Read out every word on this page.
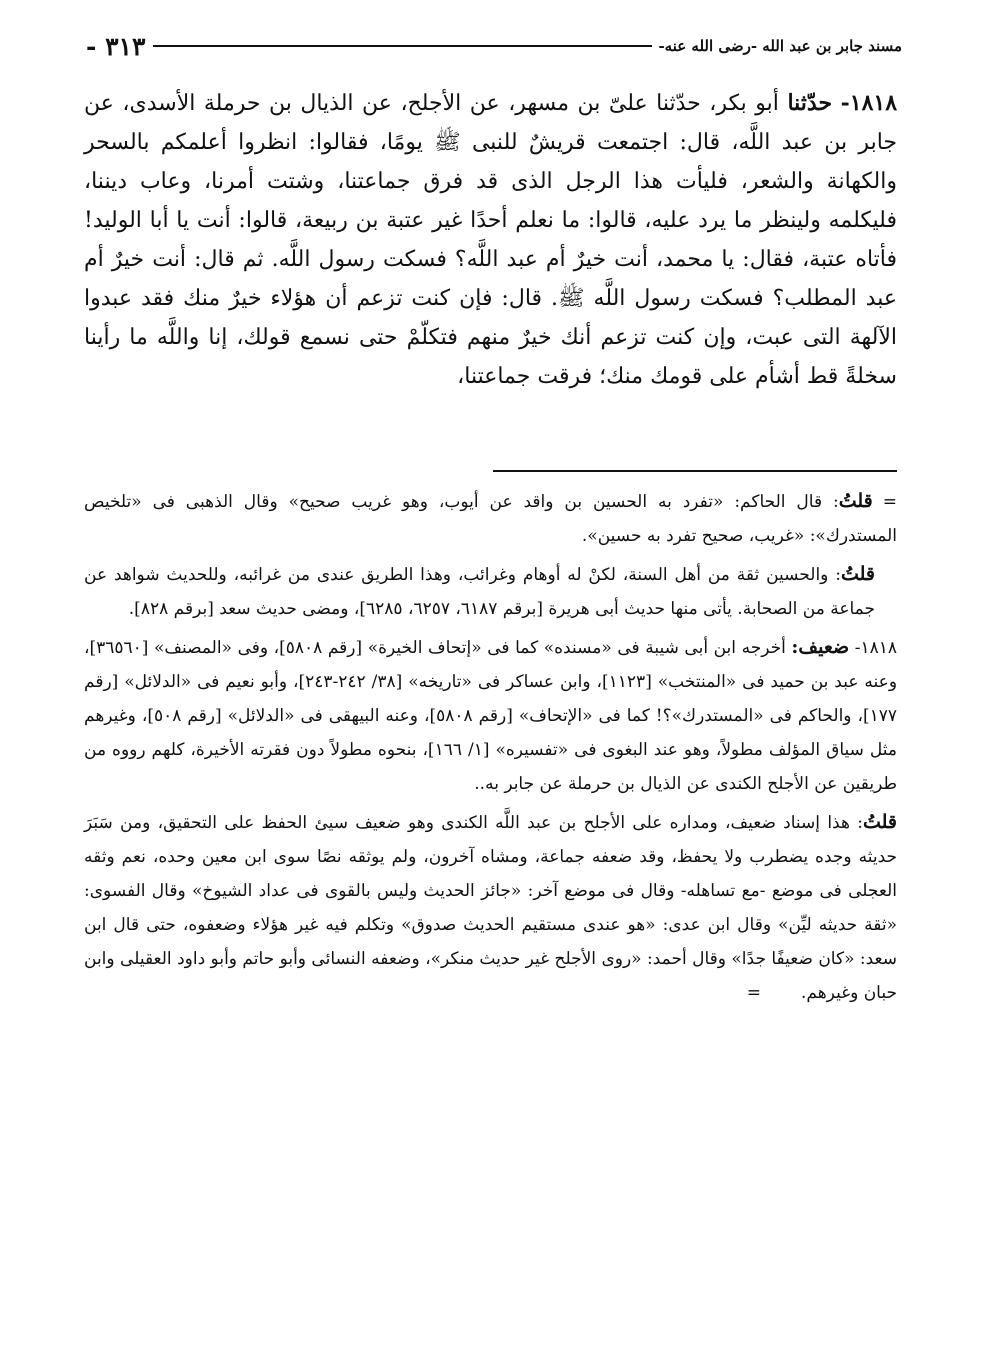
مسند جابر بن عبد الله -رضى الله عنه-
٣١٣ -

١٨١٨- حدّثنا أبو بكر، حدّثنا علىّ بن مسهر، عن الأجلح، عن الذيال بن حرملة الأسدى، عن جابر بن عبد اللَّه، قال: اجتمعت قريشٌ للنبى ﷺ يومًا، فقالوا: انظروا أعلمكم بالسحر والكهانة والشعر، فليأت هذا الرجل الذى قد فرق جماعتنا، وشتت أمرنا، وعاب ديننا، فليكلمه ولينظر ما يرد عليه، قالوا: ما نعلم أحدًا غير عتبة بن ربيعة، قالوا: أنت يا أبا الوليد! فأتاه عتبة، فقال: يا محمد، أنت خيرٌ أم عبد اللَّه؟ فسكت رسول اللَّه. ثم قال: أنت خيرٌ أم عبد المطلب؟ فسكت رسول اللَّه ﷺ. قال: فإن كنت تزعم أن هؤلاء خيرٌ منك فقد عبدوا الآلهة التى عبت، وإن كنت تزعم أنك خيرٌ منهم فتكلّمْ حتى نسمع قولك، إنا واللَّه ما رأينا سخلةً قط أشأم على قومك منك؛ فرقت جماعتنا،

=قلتُ: قال الحاكم: «تفرد به الحسين بن واقد عن أيوب، وهو غريب صحيح» وقال الذهبى فى «تلخيص المستدرك»: «غريب، صحيح تفرد به حسين».

قلتُ: والحسين ثقة من أهل السنة، لكنْ له أوهام وغرائب، وهذا الطريق عندى من غرائبه، وللحديث شواهد عن جماعة من الصحابة. يأتى منها حديث أبى هريرة [برقم ٦١٨٧، ٦٢٥٧، ٦٢٨٥]، ومضى حديث سعد [برقم ٨٢٨].

١٨١٨- ضعيف: أخرجه ابن أبى شيبة فى «مسنده» كما فى «إتحاف الخيرة» [رقم ٥٨٠٨]، وفى «المصنف» [٣٦٥٦٠]، وعنه عبد بن حميد فى «المنتخب» [١١٢٣]، وابن عساكر فى «تاريخه» [٣٨/ ٢٤٢-٢٤٣]، وأبو نعيم فى «الدلائل» [رقم ١٧٧]، والحاكم فى «المستدرك»؟! كما فى «الإتحاف» [رقم ٥٨٠٨]، وعنه البيهقى فى «الدلائل» [رقم ٥٠٨]، وغيرهم مثل سياق المؤلف مطولاً، وهو عند البغوى فى «تفسيره» [١/ ١٦٦]، بنحوه مطولاً دون فقرته الأخيرة، كلهم رووه من طريقين عن الأجلح الكندى عن الذيال بن حرملة عن جابر به..

قلتُ: هذا إسناد ضعيف، ومداره على الأجلح بن عبد اللَّه الكندى وهو ضعيف سيئ الحفظ على التحقيق، ومن سَبَرَ حديثه وجده يضطرب ولا يحفظ، وقد ضعفه جماعة، ومشاه آخرون، ولم يوثقه نصًا سوى ابن معين وحده، نعم وثقه العجلى فى موضع -مع تساهله- وقال فى موضع آخر: «جائز الحديث وليس بالقوى فى عداد الشيوخ» وقال الفسوى: «ثقة حديثه ليِّن» وقال ابن عدى: «هو عندى مستقيم الحديث صدوق» وتكلم فيه غير هؤلاء وضعفوه، حتى قال ابن سعد: «كان ضعيفًا جدًا» وقال أحمد: «روى الأجلح غير حديث منكر»، وضعفه النسائى وأبو حاتم وأبو داود العقيلى وابن حبان وغيرهم.=
